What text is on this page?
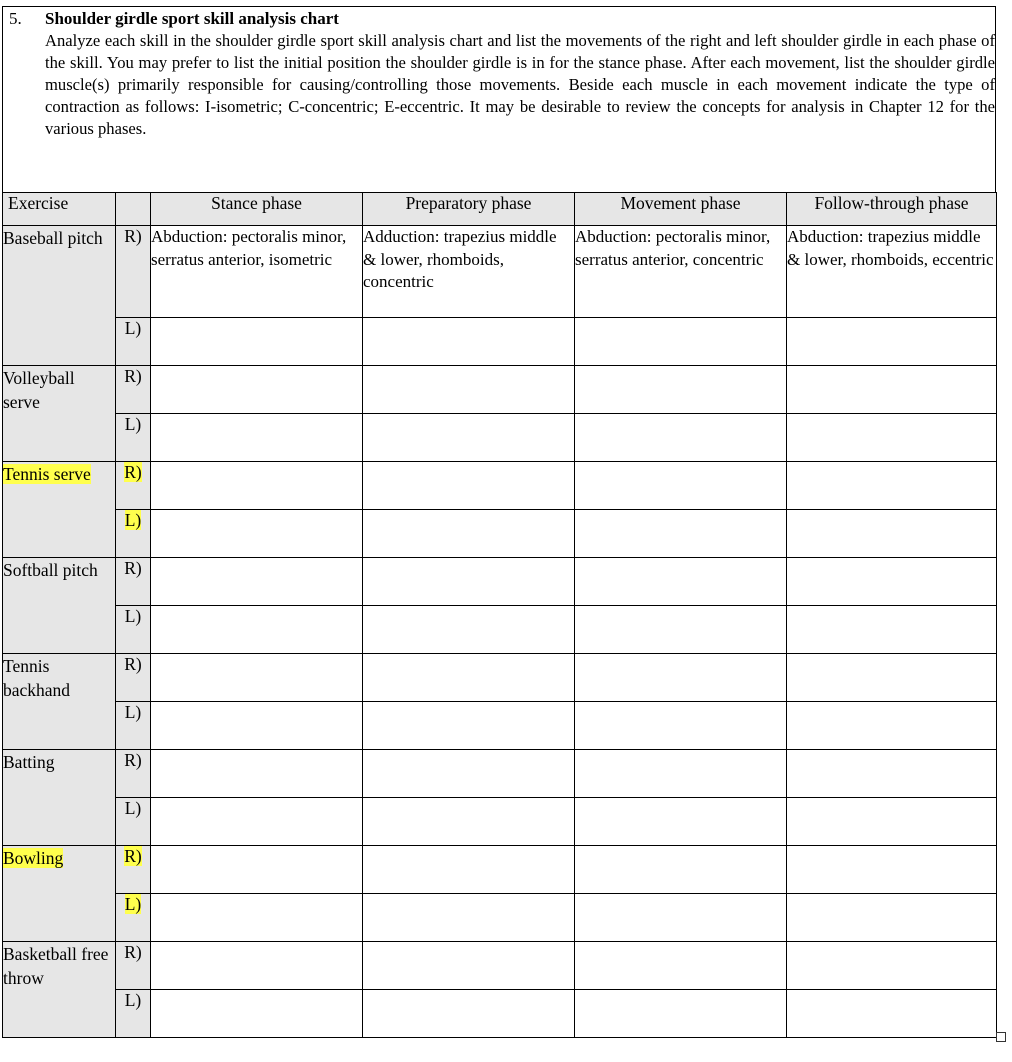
5. Shoulder girdle sport skill analysis chart
Analyze each skill in the shoulder girdle sport skill analysis chart and list the movements of the right and left shoulder girdle in each phase of the skill. You may prefer to list the initial position the shoulder girdle is in for the stance phase. After each movement, list the shoulder girdle muscle(s) primarily responsible for causing/controlling those movements. Beside each muscle in each movement indicate the type of contraction as follows: I-isometric; C-concentric; E-eccentric. It may be desirable to review the concepts for analysis in Chapter 12 for the various phases.
Exercise		Stance phase	Preparatory phase	Movement phase	Follow-through phase
Baseball pitch	R)	Abduction: pectoralis minor, serratus anterior, isometric	Adduction: trapezius middle & lower, rhomboids, concentric	Abduction: pectoralis minor, serratus anterior, concentric	Abduction: trapezius middle & lower, rhomboids, eccentric
	L)				
Volleyball serve	R)				
	L)				
Tennis serve	R)				
	L)				
Softball pitch	R)				
	L)				
Tennis backhand	R)				
	L)				
Batting	R)				
	L)				
Bowling	R)				
	L)				
Basketball free throw	R)				
	L)				
